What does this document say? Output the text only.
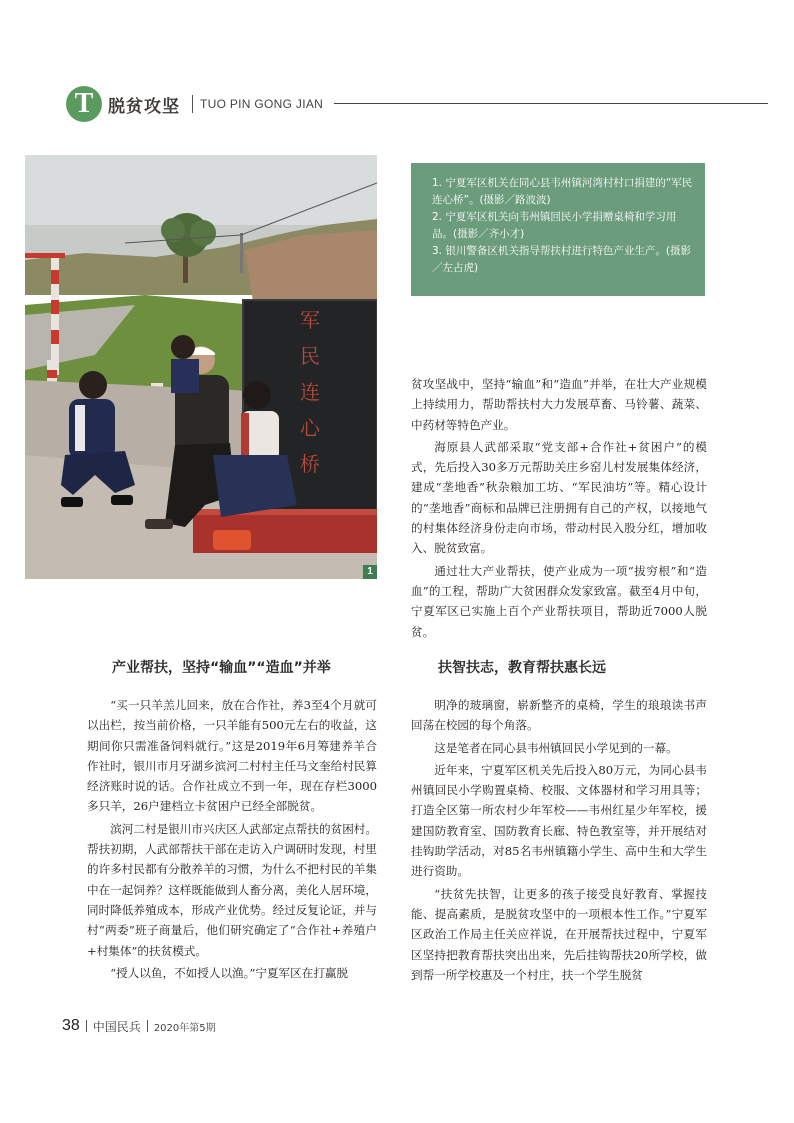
T 脱贫攻坚 TUO PIN GONG JIAN
军
民
连
心
桥
1

1. 宁夏军区机关在同心县韦州镇河湾村村口捐建的“军民连心桥”。(摄影／路波波)

2. 宁夏军区机关向韦州镇回民小学捐赠桌椅和学习用品。(摄影／齐小才)

3. 银川警备区机关指导帮扶村进行特色产业生产。(摄影／左占虎)

贫攻坚战中，坚持“输血”和“造血”并举，在壮大产业规模上持续用力，帮助帮扶村大力发展草畜、马铃薯、蔬菜、中药材等特色产业。

海原县人武部采取“党支部+合作社+贫困户”的模式，先后投入30多万元帮助关庄乡窑儿村发展集体经济，建成“垄地香”秋杂粮加工坊、“军民油坊”等。精心设计的“垄地香”商标和品牌已注册拥有自己的产权，以接地气的村集体经济身份走向市场，带动村民入股分红，增加收入、脱贫致富。

通过壮大产业帮扶，使产业成为一项“拔穷根”和“造血”的工程，帮助广大贫困群众发家致富。截至4月中旬，宁夏军区已实施上百个产业帮扶项目，帮助近7000人脱贫。

产业帮扶，坚持“输血”“造血”并举	扶智扶志，教育帮扶惠长远

“买一只羊羔儿回来，放在合作社，养3至4个月就可以出栏，按当前价格，一只羊能有500元左右的收益，这期间你只需准备饲料就行。”这是2019年6月筹建养羊合作社时，银川市月牙湖乡滨河二村村主任马文奎给村民算经济账时说的话。合作社成立不到一年，现在存栏3000多只羊，26户建档立卡贫困户已经全部脱贫。

滨河二村是银川市兴庆区人武部定点帮扶的贫困村。帮扶初期，人武部帮扶干部在走访入户调研时发现，村里的许多村民都有分散养羊的习惯，为什么不把村民的羊集中在一起饲养？这样既能做到人畜分离，美化人居环境，同时降低养殖成本，形成产业优势。经过反复论证，并与村“两委”班子商量后，他们研究确定了“合作社+养殖户+村集体”的扶贫模式。

“授人以鱼，不如授人以渔。”宁夏军区在打赢脱

明净的玻璃窗，崭新整齐的桌椅，学生的琅琅读书声回荡在校园的每个角落。

这是笔者在同心县韦州镇回民小学见到的一幕。

近年来，宁夏军区机关先后投入80万元，为同心县韦州镇回民小学购置桌椅、校服、文体器材和学习用具等；打造全区第一所农村少年军校——韦州红星少年军校，援建国防教育室、国防教育长廊、特色教室等，并开展结对挂钩助学活动，对85名韦州镇籍小学生、高中生和大学生进行资助。

“扶贫先扶智，让更多的孩子接受良好教育、掌握技能、提高素质，是脱贫攻坚中的一项根本性工作。”宁夏军区政治工作局主任关应祥说，在开展帮扶过程中，宁夏军区坚持把教育帮扶突出出来，先后挂钩帮扶20所学校，做到帮一所学校惠及一个村庄，扶一个学生脱贫

38 中国民兵 2020年第5期
